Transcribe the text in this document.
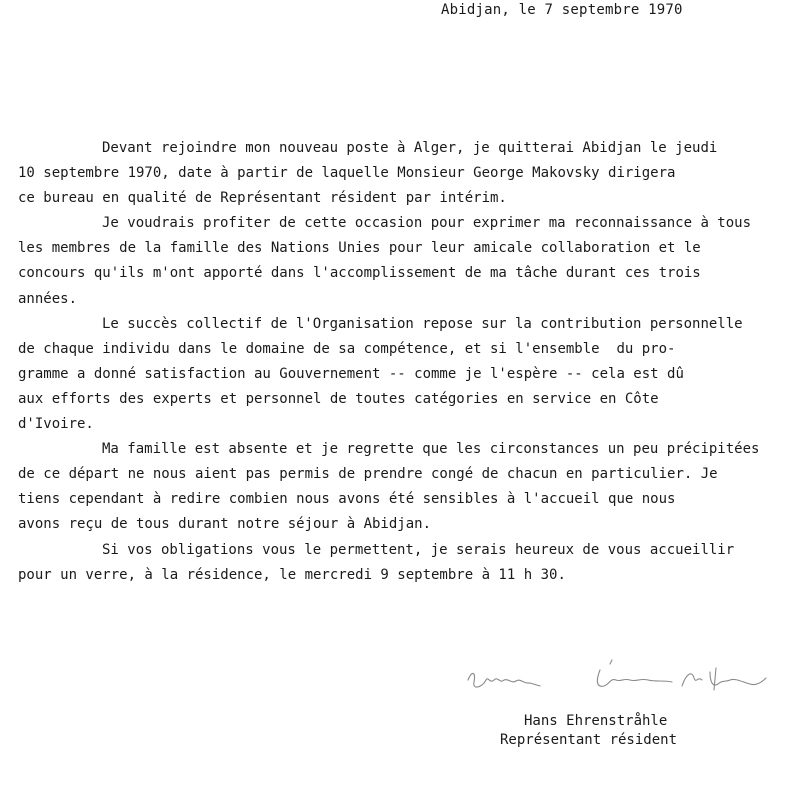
Abidjan, le 7 septembre 1970

Devant rejoindre mon nouveau poste à Alger, je quitterai Abidjan le jeudi
10 septembre 1970, date à partir de laquelle Monsieur George Makovsky dirigera
ce bureau en qualité de Représentant résident par intérim.

Je voudrais profiter de cette occasion pour exprimer ma reconnaissance à tous
les membres de la famille des Nations Unies pour leur amicale collaboration et le
concours qu'ils m'ont apporté dans l'accomplissement de ma tâche durant ces trois
années.

Le succès collectif de l'Organisation repose sur la contribution personnelle
de chaque individu dans le domaine de sa compétence, et si l'ensemble  du pro-
gramme a donné satisfaction au Gouvernement -- comme je l'espère -- cela est dû
aux efforts des experts et personnel de toutes catégories en service en Côte
d'Ivoire.

Ma famille est absente et je regrette que les circonstances un peu précipitées
de ce départ ne nous aient pas permis de prendre congé de chacun en particulier. Je
tiens cependant à redire combien nous avons été sensibles à l'accueil que nous
avons reçu de tous durant notre séjour à Abidjan.

Si vos obligations vous le permettent, je serais heureux de vous accueillir
pour un verre, à la résidence, le mercredi 9 septembre à 11 h 30.

Hans Ehrenstråhle
Représentant résident
